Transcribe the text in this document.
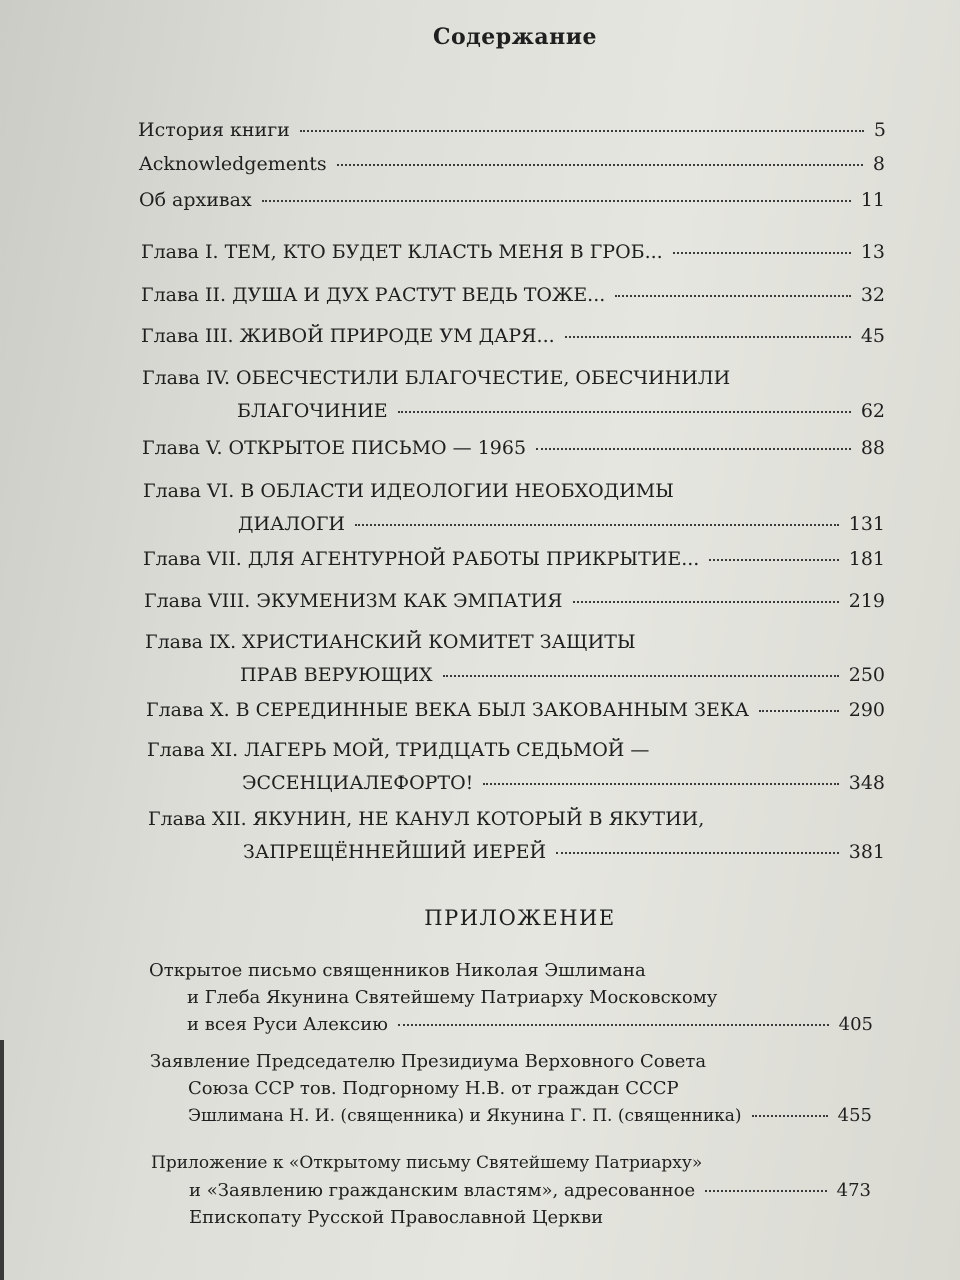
Содержание
История книги	5
Acknowledgements	8
Об архивах	11
Глава I. ТЕМ, КТО БУДЕТ КЛАСТЬ МЕНЯ В ГРОБ...	13
Глава II. ДУША И ДУХ РАСТУТ ВЕДЬ ТОЖЕ...	32
Глава III. ЖИВОЙ ПРИРОДЕ УМ ДАРЯ...	45
Глава IV. ОБЕСЧЕСТИЛИ БЛАГОЧЕСТИЕ, ОБЕСЧИНИЛИ
БЛАГОЧИНИЕ	62
Глава V. ОТКРЫТОЕ ПИСЬМО — 1965	88
Глава VI. В ОБЛАСТИ ИДЕОЛОГИИ НЕОБХОДИМЫ
ДИАЛОГИ	131
Глава VII. ДЛЯ АГЕНТУРНОЙ РАБОТЫ ПРИКРЫТИЕ...	181
Глава VIII. ЭКУМЕНИЗМ КАК ЭМПАТИЯ	219
Глава IX. ХРИСТИАНСКИЙ КОМИТЕТ ЗАЩИТЫ
ПРАВ ВЕРУЮЩИХ	250
Глава X. В СЕРЕДИННЫЕ ВЕКА БЫЛ ЗАКОВАННЫМ ЗЕКА	290
Глава XI. ЛАГЕРЬ МОЙ, ТРИДЦАТЬ СЕДЬМОЙ —
ЭССЕНЦИАЛЕФОРТО!	348
Глава XII. ЯКУНИН, НЕ КАНУЛ КОТОРЫЙ В ЯКУТИИ,
ЗАПРЕЩЁННЕЙШИЙ ИЕРЕЙ	381
ПРИЛОЖЕНИЕ
Открытое письмо священников Николая Эшлимана
и Глеба Якунина Святейшему Патриарху Московскому
и всея Руси Алексию	405
Заявление Председателю Президиума Верховного Совета
Союза ССР тов. Подгорному Н.В. от граждан СССР
Эшлимана Н. И. (священника) и Якунина Г. П. (священника)	455
Приложение к «Открытому письму Святейшему Патриарху»
и «Заявлению гражданским властям», адресованное	473
Епископату Русской Православной Церкви
